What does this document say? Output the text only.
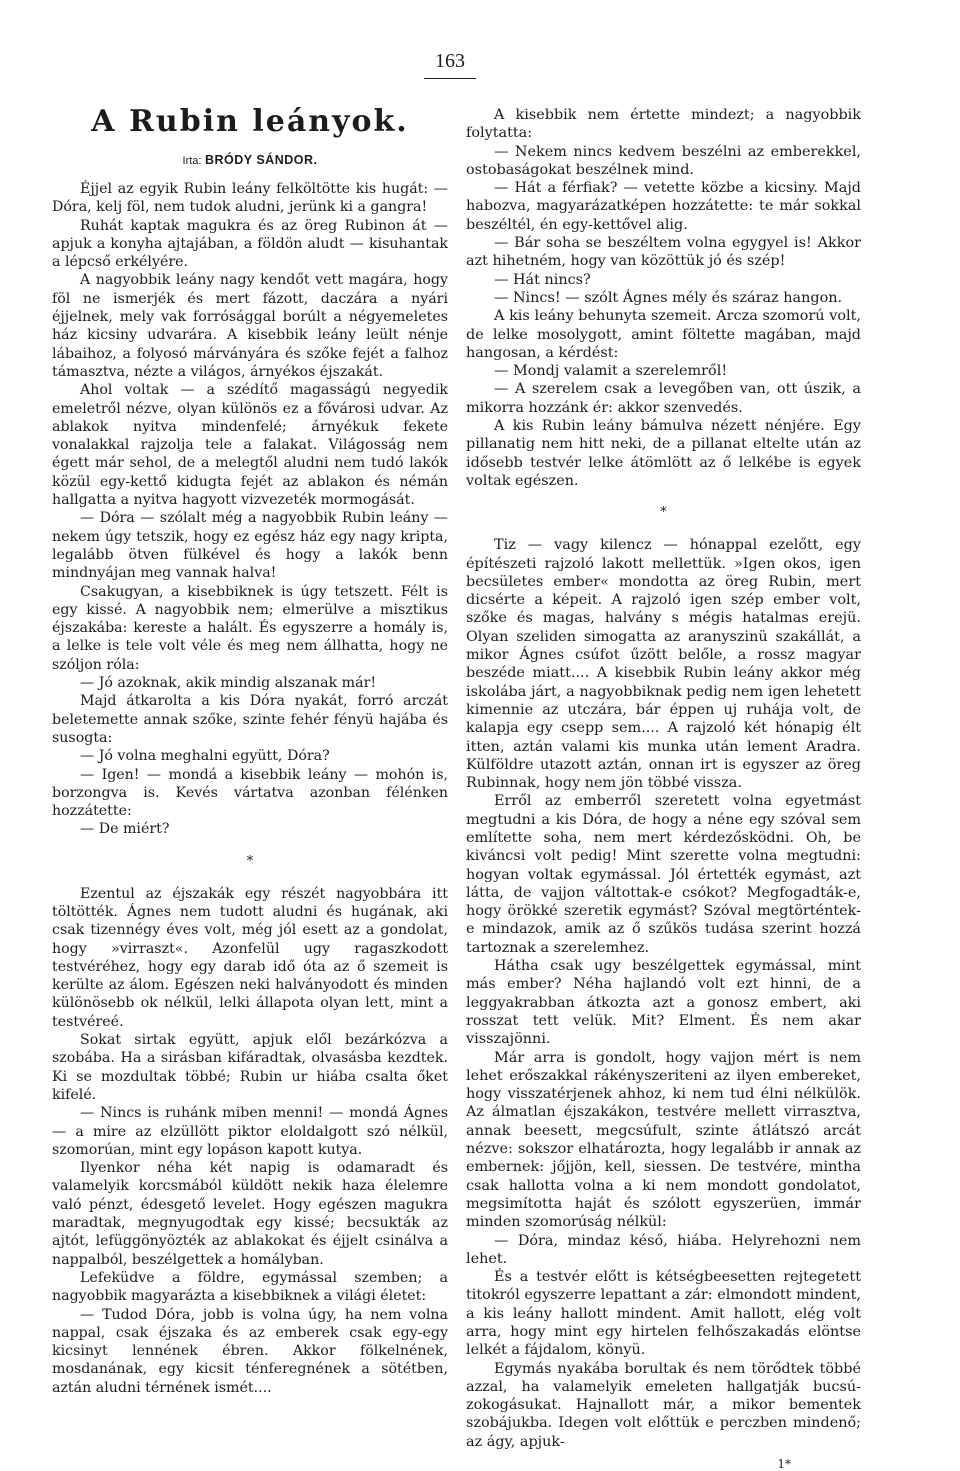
163
A Rubin leányok.
Irta: BRÓDY SÁNDOR.

Éjjel az egyik Rubin leány felköltötte kis hugát: — Dóra, kelj föl, nem tudok aludni, jerünk ki a gangra!

Ruhát kaptak magukra és az öreg Rubinon át — apjuk a konyha ajtajában, a földön aludt — kisuhantak a lépcső erkélyére.

A nagyobbik leány nagy kendőt vett magára, hogy föl ne ismerjék és mert fázott, daczára a nyári éjjelnek, mely vak forrósággal borúlt a négyemeletes ház kicsiny udvarára. A kisebbik leány leült nénje lábaihoz, a folyosó márványára és szőke fejét a falhoz támasztva, nézte a világos, árnyékos éjszakát.

Ahol voltak — a szédítő magasságú negyedik emeletről nézve, olyan különös ez a fővárosi udvar. Az ablakok nyitva mindenfelé; árnyékuk fekete vonalakkal rajzolja tele a falakat. Világosság nem égett már sehol, de a melegtől aludni nem tudó lakók közül egy-kettő kidugta fejét az ablakon és némán hallgatta a nyitva hagyott vizvezeték mormogását.

— Dóra — szólalt még a nagyobbik Rubin leány — nekem úgy tetszik, hogy ez egész ház egy nagy kripta, legalább ötven fülkével és hogy a lakók benn mindnyájan meg vannak halva!

Csakugyan, a kisebbiknek is úgy tetszett. Félt is egy kissé. A nagyobbik nem; elmerülve a misztikus éjszakába: kereste a halált. És egyszerre a homály is, a lelke is tele volt véle és meg nem állhatta, hogy ne szóljon róla:

— Jó azoknak, akik mindig alszanak már!

Majd átkarolta a kis Dóra nyakát, forró arczát beletemette annak szőke, szinte fehér fényü hajába és susogta:

— Jó volna meghalni együtt, Dóra?

— Igen! — mondá a kisebbik leány — mohón is, borzongva is. Kevés vártatva azonban félénken hozzátette:

— De miért?

*

Ezentul az éjszakák egy részét nagyobbára itt töltötték. Ágnes nem tudott aludni és hugának, aki csak tizennégy éves volt, még jól esett az a gondolat, hogy »virraszt«. Azonfelül ugy ragaszkodott testvéréhez, hogy egy darab idő óta az ő szemeit is kerülte az álom. Egészen neki halványodott és minden különösebb ok nélkül, lelki állapota olyan lett, mint a testvéreé.

Sokat sirtak együtt, apjuk elől bezárkózva a szobába. Ha a sirásban kifáradtak, olvasásba kezdtek. Ki se mozdultak többé; Rubin ur hiába csalta őket kifelé.

— Nincs is ruhánk miben menni! — mondá Ágnes — a mire az elzüllött piktor eloldalgott szó nélkül, szomorúan, mint egy lopáson kapott kutya.

Ilyenkor néha két napig is odamaradt és valamelyik korcsmából küldött nekik haza élelemre való pénzt, édesgető levelet. Hogy egészen magukra maradtak, megnyugodtak egy kissé; becsukták az ajtót, lefüggönyözték az ablakokat és éjjelt csinálva a nappalból, beszélgettek a homályban.

Lefeküdve a földre, egymással szemben; a nagyobbik magyarázta a kisebbiknek a világi életet:

— Tudod Dóra, jobb is volna úgy, ha nem volna nappal, csak éjszaka és az emberek csak egy-egy kicsinyt lennének ébren. Akkor fölkelnének, mosdanának, egy kicsit ténferegnének a sötétben, aztán aludni térnének ismét....

A kisebbik nem értette mindezt; a nagyobbik folytatta:

— Nekem nincs kedvem beszélni az emberekkel, ostobaságokat beszélnek mind.

— Hát a férfiak? — vetette közbe a kicsiny. Majd habozva, magyarázatképen hozzátette: te már sokkal beszéltél, én egy-kettővel alig.

— Bár soha se beszéltem volna egygyel is! Akkor azt hihetném, hogy van közöttük jó és szép!

— Hát nincs?

— Nincs! — szólt Ágnes mély és száraz hangon.

A kis leány behunyta szemeit. Arcza szomorú volt, de lelke mosolygott, amint föltette magában, majd hangosan, a kérdést:

— Mondj valamit a szerelemről!

— A szerelem csak a levegőben van, ott úszik, a mikorra hozzánk ér: akkor szenvedés.

A kis Rubin leány bámulva nézett nénjére. Egy pillanatig nem hitt neki, de a pillanat eltelte után az idősebb testvér lelke átömlött az ő lelkébe is egyek voltak egészen.

*

Tiz — vagy kilencz — hónappal ezelőtt, egy építészeti rajzoló lakott mellettük. »Igen okos, igen becsületes ember« mondotta az öreg Rubin, mert dicsérte a képeit. A rajzoló igen szép ember volt, szőke és magas, halvány s mégis hatalmas erejü. Olyan szeliden simogatta az aranyszinü szakállát, a mikor Ágnes csúfot űzött belőle, a rossz magyar beszéde miatt.... A kisebbik Rubin leány akkor még iskolába járt, a nagyobbiknak pedig nem igen lehetett kimennie az utczára, bár éppen uj ruhája volt, de kalapja egy csepp sem.... A rajzoló két hónapig élt itten, aztán valami kis munka után lement Aradra. Külföldre utazott aztán, onnan irt is egyszer az öreg Rubinnak, hogy nem jön többé vissza.

Erről az emberről szeretett volna egyetmást megtudni a kis Dóra, de hogy a néne egy szóval sem említette soha, nem mert kérdezősködni. Oh, be kiváncsi volt pedig! Mint szerette volna megtudni: hogyan voltak egymással. Jól értették egymást, azt látta, de vajjon váltottak-e csókot? Megfogadták-e, hogy örökké szeretik egymást? Szóval megtörténtek-e mindazok, amik az ő szűkös tudása szerint hozzá tartoznak a szerelemhez.

Hátha csak ugy beszélgettek egymással, mint más ember? Néha hajlandó volt ezt hinni, de a leggyakrabban átkozta azt a gonosz embert, aki rosszat tett velük. Mit? Elment. És nem akar visszajönni.

Már arra is gondolt, hogy vajjon mért is nem lehet erőszakkal rákényszeriteni az ilyen embereket, hogy visszatérjenek ahhoz, ki nem tud élni nélkülök. Az álmatlan éjszakákon, testvére mellett virrasztva, annak beesett, megcsúfult, szinte átlátszó arcát nézve: sokszor elhatározta, hogy legalább ir annak az embernek: jőjjön, kell, siessen. De testvére, mintha csak hallotta volna a ki nem mondott gondolatot, megsimította haját és szólott egyszerüen, immár minden szomorúság nélkül:

— Dóra, mindaz késő, hiába. Helyrehozni nem lehet.

És a testvér előtt is kétségbeesetten rejtegetett titokról egyszerre lepattant a zár: elmondott mindent, a kis leány hallott mindent. Amit hallott, elég volt arra, hogy mint egy hirtelen felhőszakadás elöntse lelkét a fájdalom, könyü.

Egymás nyakába borultak és nem törődtek többé azzal, ha valamelyik emeleten hallgatják bucsú-zokogásukat. Hajnallott már, a mikor bementek szobájukba. Idegen volt előttük e perczben mindenő; az ágy, apjuk-

1*
